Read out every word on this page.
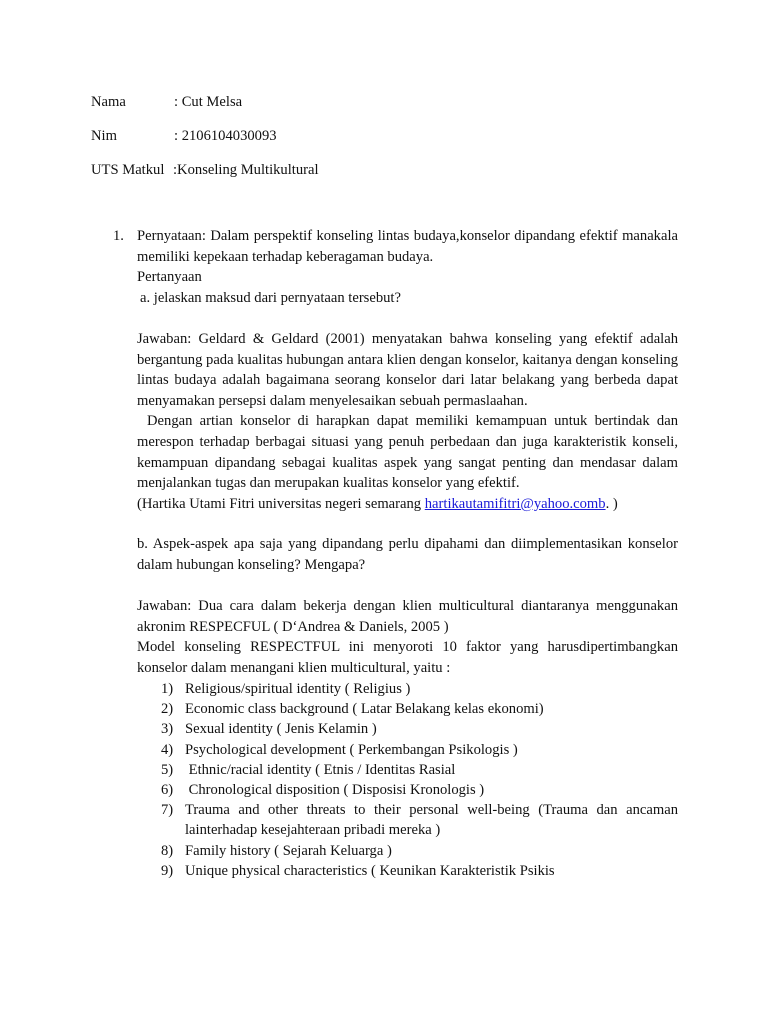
Nama	: Cut Melsa
Nim	: 2106104030093
UTS Matkul :Konseling Multikultural
1. Pernyataan: Dalam perspektif konseling lintas budaya,konselor dipandang efektif manakala memiliki kepekaan terhadap keberagaman budaya.

Pertanyaan

a. jelaskan maksud dari pernyataan tersebut?

Jawaban: Geldard & Geldard (2001) menyatakan bahwa konseling yang efektif adalah bergantung pada kualitas hubungan antara klien dengan konselor, kaitanya dengan konseling lintas budaya adalah bagaimana seorang konselor dari latar belakang yang berbeda dapat menyamakan persepsi dalam menyelesaikan sebuah permaslaahan.

Dengan artian konselor di harapkan dapat memiliki kemampuan untuk bertindak dan merespon terhadap berbagai situasi yang penuh perbedaan dan juga karakteristik konseli, kemampuan dipandang sebagai kualitas aspek yang sangat penting dan mendasar dalam menjalankan tugas dan merupakan kualitas konselor yang efektif.

(Hartika Utami Fitri universitas negeri semarang hartikautamifitri@yahoo.comb. )

b. Aspek-aspek apa saja yang dipandang perlu dipahami dan diimplementasikan konselor dalam hubungan konseling? Mengapa?

Jawaban: Dua cara dalam bekerja dengan klien multicultural diantaranya menggunakan akronim RESPECFUL ( D‘Andrea & Daniels, 2005 )

Model konseling RESPECTFUL ini menyoroti 10 faktor yang harusdipertimbangkan konselor dalam menangani klien multicultural, yaitu :

1) Religious/spiritual identity ( Religius )
2) Economic class background ( Latar Belakang kelas ekonomi)
3) Sexual identity ( Jenis Kelamin )
4) Psychological development ( Perkembangan Psikologis )
5) Ethnic/racial identity ( Etnis / Identitas Rasial
6) Chronological disposition ( Disposisi Kronologis )
7) Trauma and other threats to their personal well-being (Trauma dan ancaman lainterhadap kesejahteraan pribadi mereka )
8) Family history ( Sejarah Keluarga )
9) Unique physical characteristics ( Keunikan Karakteristik Psikis
